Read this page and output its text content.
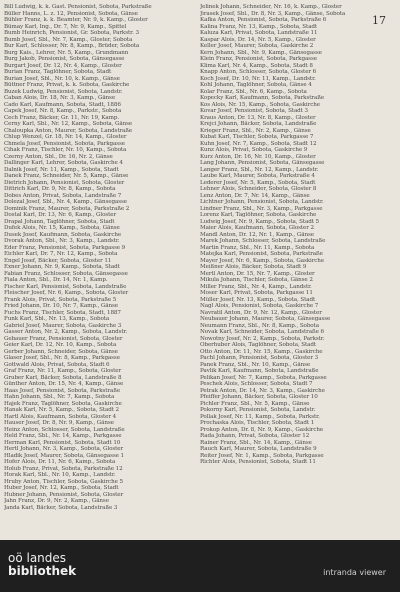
17

Bill Ludwig, k. k. Gast. Pensionist, Sobota, Parkstraße

Büller Hanns, L. z. 12, Pensionist, Sobota, Gänse

Bühler Franz, k. k. Beamter, Nr. 9, k. Kamp., Gloster

Bümay Karl, Ing., Dr. 7, Nr. 9, Kamp., Spittel

Bumb Heinrich, Pensionist, Gr. Sobota, Parkstr. 3

Bumb Josef, Sbl., Nr. 7, Kamp., Gloster, Sobota

Bur Karl, Schlosser, Nr. 8, Kamp., Brüder, Sobota

Burg Kais., Lehrer, Nr. 5, Kamp., Grundmann

Burg Jakob, Pensionist, Sobota, Gänsegasse

Burgart Josef, Dr. 12, Nr. 4, Kamp., Gloster

Burian Franz, Taglöhner, Sobota, Stadt

Burian Josef, Sbl., Nr. 10, k. Kamp., Gänse

Büttner Franz, Privat, k. k. Sobota, Gaskirche

Buzek Ludwig, Pensionist, Sobota, Landstr.

Caban Alois, Dr. 18, Nr. 3, Kamp., Gänse

Cado Karl, Kaufmann, Sobota, Stadt, 1886

Capek Josef, Nr. 8, Kamp., Parkstr., Sobota

Cech Franz, Bäcker, Gr. 11, Nr. 19, Kamp.

Cerny Karl, Sbl., Nr. 12, Kamp., Sobota, Gänse

Chaloupka Anton, Maurer, Sobota, Landstraße

Chlup Wenzel, Gr. 18, Nr. 14, Kamp., Gloster

Chmela Josef, Pensionist, Sobota, Parkgasse

Cihak Franz, Tischler, Nr. 10, Kamp., Sobota

Czerny Anton, Sbl., Dr. 16, Nr. 2, Gänse

Dallinger Karl, Lehrer, Sobota, Gaskirche 4

Dalnik Josef, Nr. 11, Kamp., Sobota, Stadt

Danek Franz, Schneider, Nr. 5, Kamp., Gänse

Dietrich Johann, Pensionist, Sobota, Gloster

Dittrich Karl, Dr. 9, Nr. 8, Kamp., Sobota

Dobes Anton, Privat, Sobota, Landstraße 7

Dolezal Josef, Sbl., Nr. 4, Kamp., Gänsegasse

Dominik Franz, Maurer, Sobota, Parkstraße 2

Dostal Karl, Dr. 13, Nr. 6, Kamp., Gloster

Drapal Johann, Taglöhner, Sobota, Stadt

Dufek Alois, Nr. 15, Kamp., Sobota, Gänse

Dusek Josef, Kaufmann, Sobota, Gaskirche

Dvorak Anton, Sbl., Nr. 3, Kamp., Landstr.

Eder Franz, Pensionist, Sobota, Parkgasse 9

Eichler Karl, Dr. 7, Nr. 12, Kamp., Sobota

Engel Josef, Bäcker, Sobota, Gloster 11

Exner Johann, Nr. 9, Kamp., Sobota, Stadt

Fabian Franz, Schlosser, Sobota, Gänsegasse

Fiala Anton, Sbl., Dr. 14, Nr. 1, Kamp.

Fischer Karl, Pensionist, Sobota, Landstraße

Fleischer Josef, Nr. 6, Kamp., Sobota, Gloster

Frank Alois, Privat, Sobota, Parkstraße 5

Fried Johann, Dr. 10, Nr. 7, Kamp., Gänse

Fuchs Franz, Tischler, Sobota, Stadt, 1887

Funk Karl, Sbl., Nr. 13, Kamp., Sobota

Gabriel Josef, Maurer, Sobota, Gaskirche 3

Gasser Anton, Nr. 2, Kamp., Sobota, Landstr.

Gebauer Franz, Pensionist, Sobota, Gloster

Geier Karl, Dr. 12, Nr. 10, Kamp., Sobota

Gerber Johann, Schneider, Sobota, Gänse

Glaser Josef, Sbl., Nr. 8, Kamp., Parkgasse

Gottwald Alois, Privat, Sobota, Stadt 6

Graf Franz, Nr. 11, Kamp., Sobota, Gloster

Gruber Karl, Bäcker, Sobota, Landstraße 8

Günther Anton, Dr. 15, Nr. 4, Kamp., Gänse

Haas Josef, Pensionist, Sobota, Parkstraße

Hahn Johann, Sbl., Nr. 7, Kamp., Sobota

Hajek Franz, Taglöhner, Sobota, Gaskirche

Hanak Karl, Nr. 5, Kamp., Sobota, Stadt 2

Hartl Alois, Kaufmann, Sobota, Gloster 4

Hauser Josef, Dr. 8, Nr. 9, Kamp., Gänse

Heinz Anton, Schlosser, Sobota, Landstraße

Held Franz, Sbl., Nr. 14, Kamp., Parkgasse

Herman Karl, Pensionist, Sobota, Stadt 10

Hertl Johann, Nr. 3, Kamp., Sobota, Gloster

Hladik Josef, Maurer, Sobota, Gänsegasse 1

Hofer Alois, Dr. 11, Nr. 6, Kamp., Sobota

Holub Franz, Privat, Sobota, Parkstraße 12

Horak Karl, Sbl., Nr. 10, Kamp., Landstr.

Hruby Anton, Tischler, Sobota, Gaskirche 5

Huber Josef, Nr. 12, Kamp., Sobota, Stadt

Hubner Johann, Pensionist, Sobota, Gloster

Jahn Franz, Dr. 9, Nr. 2, Kamp., Gänse

Janda Karl, Bäcker, Sobota, Landstraße 3

Jelinek Johann, Schneider, Nr. 16, k. Kamp., Gloster

Jirasek Josef, Sbl., Dr. 8, Nr. 3, Kamp., Gänse, Sobota

Kafka Anton, Pensionist, Sobota, Parkstraße 6

Kalina Franz, Nr. 13, Kamp., Sobota, Stadt

Kaluza Karl, Privat, Sobota, Landstraße 11

Kaspar Alois, Dr. 14, Nr. 5, Kamp., Gloster

Keller Josef, Maurer, Sobota, Gaskirche 2

Kern Johann, Sbl., Nr. 9, Kamp., Gänsegasse

Klein Franz, Pensionist, Sobota, Parkgasse

Klima Karl, Nr. 4, Kamp., Sobota, Stadt 8

Knapp Anton, Schlosser, Sobota, Gloster 6

Koch Josef, Dr. 10, Nr. 11, Kamp., Landstr.

Kohl Johann, Taglöhner, Sobota, Gänse 4

Kolar Franz, Sbl., Nr. 6, Kamp., Sobota

Kopecky Karl, Kaufmann, Sobota, Parkstraße

Kos Alois, Nr. 15, Kamp., Sobota, Gaskirche

Kovar Josef, Pensionist, Sobota, Stadt 3

Kraus Anton, Dr. 13, Nr. 8, Kamp., Gloster

Krejci Johann, Bäcker, Sobota, Landstraße

Krieger Franz, Sbl., Nr. 2, Kamp., Gänse

Kubat Karl, Tischler, Sobota, Parkgasse 7

Kuhn Josef, Nr. 7, Kamp., Sobota, Stadt 12

Kunz Alois, Privat, Sobota, Gaskirche 9

Kurz Anton, Dr. 16, Nr. 10, Kamp., Gloster

Lang Johann, Pensionist, Sobota, Gänsegasse

Langer Franz, Sbl., Nr. 12, Kamp., Landstr.

Laube Karl, Maurer, Sobota, Parkstraße 4

Lederer Josef, Nr. 5, Kamp., Sobota, Stadt

Lehner Alois, Schneider, Sobota, Gloster 8

Lenz Anton, Dr. 7, Nr. 14, Kamp., Gänse

Lichtner Johann, Pensionist, Sobota, Landstr.

Lindner Franz, Sbl., Nr. 3, Kamp., Parkgasse

Lorenz Karl, Taglöhner, Sobota, Gaskirche

Ludwig Josef, Nr. 9, Kamp., Sobota, Stadt 5

Maier Alois, Kaufmann, Sobota, Gloster 2

Mandl Anton, Dr. 12, Nr. 1, Kamp., Gänse

Marek Johann, Schlosser, Sobota, Landstraße

Martin Franz, Sbl., Nr. 11, Kamp., Sobota

Matejka Karl, Pensionist, Sobota, Parkstraße

Mayer Josef, Nr. 6, Kamp., Sobota, Gaskirche

Meißner Alois, Bäcker, Sobota, Stadt 9

Mertl Anton, Dr. 15, Nr. 7, Kamp., Gloster

Mikula Johann, Tischler, Sobota, Gänse 2

Miller Franz, Sbl., Nr. 4, Kamp., Landstr.

Moser Karl, Privat, Sobota, Parkgasse 11

Müller Josef, Nr. 13, Kamp., Sobota, Stadt

Nagl Alois, Pensionist, Sobota, Gaskirche 7

Navratil Anton, Dr. 9, Nr. 12, Kamp., Gloster

Neubauer Johann, Maurer, Sobota, Gänsegasse

Neumann Franz, Sbl., Nr. 8, Kamp., Sobota

Novak Karl, Schneider, Sobota, Landstraße 6

Nowotny Josef, Nr. 2, Kamp., Sobota, Parkstr.

Oberhuber Alois, Taglöhner, Sobota, Stadt

Otto Anton, Dr. 11, Nr. 15, Kamp., Gaskirche

Pachl Johann, Pensionist, Sobota, Gloster 3

Panek Franz, Sbl., Nr. 10, Kamp., Gänse

Pavlik Karl, Kaufmann, Sobota, Landstraße

Pelikan Josef, Nr. 7, Kamp., Sobota, Parkgasse

Peschek Alois, Schlosser, Sobota, Stadt 7

Petrak Anton, Dr. 14, Nr. 3, Kamp., Gaskirche

Pfeiffer Johann, Bäcker, Sobota, Gloster 10

Pichler Franz, Sbl., Nr. 5, Kamp., Gänse

Pokorny Karl, Pensionist, Sobota, Landstr.

Pollak Josef, Nr. 11, Kamp., Sobota, Parkstr.

Prochaska Alois, Tischler, Sobota, Stadt 1

Prokop Anton, Dr. 8, Nr. 9, Kamp., Gaskirche

Rada Johann, Privat, Sobota, Gloster 12

Rainer Franz, Sbl., Nr. 14, Kamp., Gänse

Rauch Karl, Maurer, Sobota, Landstraße 9

Reiter Josef, Nr. 1, Kamp., Sobota, Parkgasse

Richter Alois, Pensionist, Sobota, Stadt 11

oö landes
bibliothek	intranda viewer
